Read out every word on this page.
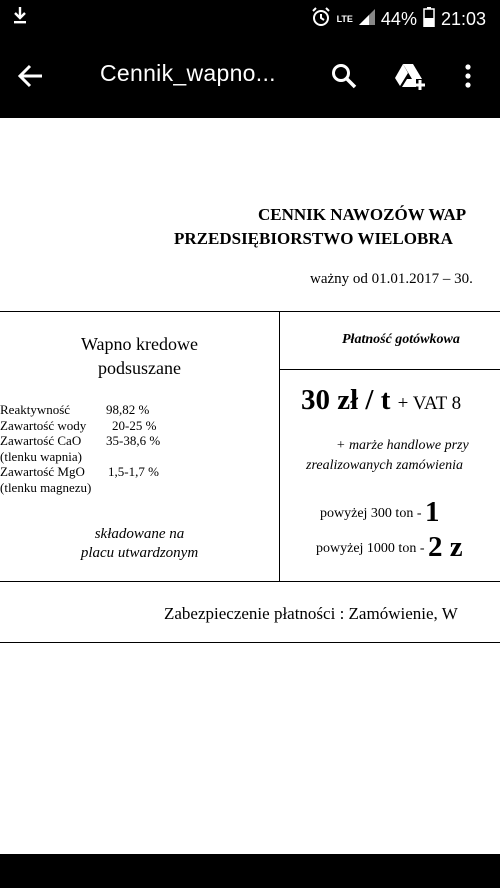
LTE 44% 21:03
Cennik_wapno...
CENNIK NAWOZÓW WAP
PRZEDSIĘBIORSTWO WIELOBRA
ważny od 01.01.2017 – 30.
Wapno kredowe
podsuszane
Reaktywność	98,82 %
Zawartość wody 20-25 %
Zawartość CaO 35-38,6 %
(tlenku wapnia)
Zawartość MgO 1,5-1,7 %
(tlenku magnezu)
składowane na
placu utwardzonym
Płatność gotówkowa
30 zł / t + VAT 8
+ marże handlowe przy
zrealizowanych zamówienia
powyżej 300 ton - 1
powyżej 1000 ton - 2 z
Zabezpieczenie płatności : Zamówienie, W
